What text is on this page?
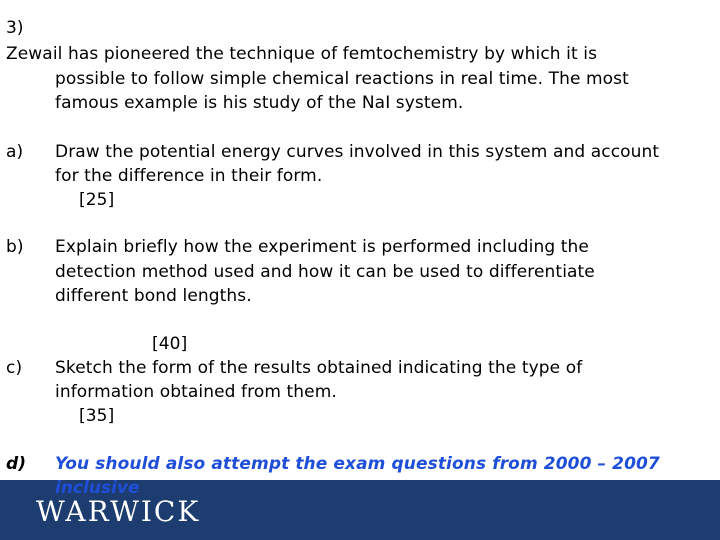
3)
Zewail has pioneered the technique of femtochemistry by which it is
possible to follow simple chemical reactions in real time. The most
famous example is his study of the NaI system.
a) Draw the potential energy curves involved in this system and account
for the difference in their form.
[25]
b) Explain briefly how the experiment is performed including the
detection method used and how it can be used to differentiate
different bond lengths.
[40]
c) Sketch the form of the results obtained indicating the type of
information obtained from them.
[35]
d) You should also attempt the exam questions from 2000 – 2007
inclusive
WARWICK
